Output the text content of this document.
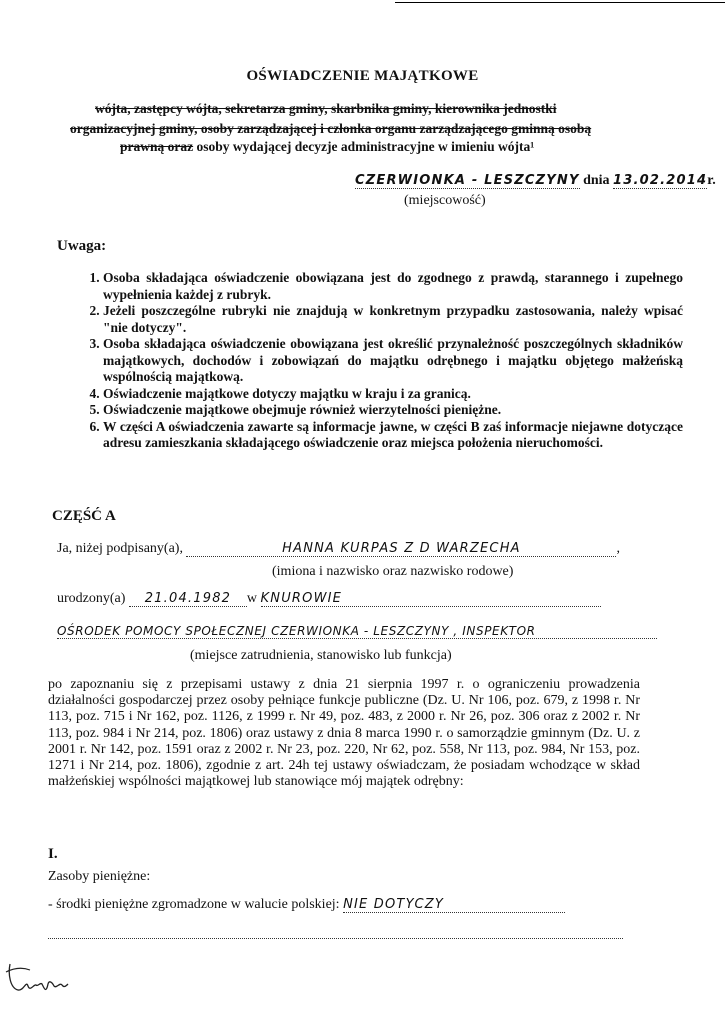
OŚWIADCZENIE MAJĄTKOWE
wójta, zastępcy wójta, sekretarza gminy, skarbnika gminy, kierownika jednostki
organizacyjnej gminy, osoby zarządzającej i członka organu zarządzającego gminną osobą
prawną oraz osoby wydającej decyzje administracyjne w imieniu wójta¹
CZERWIONKA - LESZCZYNY dnia 13.02.2014r.
(miejscowość)
Uwaga:
1. Osoba składająca oświadczenie obowiązana jest do zgodnego z prawdą, starannego i zupełnego wypełnienia każdej z rubryk.
2. Jeżeli poszczególne rubryki nie znajdują w konkretnym przypadku zastosowania, należy wpisać "nie dotyczy".
3. Osoba składająca oświadczenie obowiązana jest określić przynależność poszczególnych składników majątkowych, dochodów i zobowiązań do majątku odrębnego i majątku objętego małżeńską wspólnością majątkową.
4. Oświadczenie majątkowe dotyczy majątku w kraju i za granicą.
5. Oświadczenie majątkowe obejmuje również wierzytelności pieniężne.
6. W części A oświadczenia zawarte są informacje jawne, w części B zaś informacje niejawne dotyczące adresu zamieszkania składającego oświadczenie oraz miejsca położenia nieruchomości.
CZĘŚĆ A
Ja, niżej podpisany(a),	HANNA KURPAS Z D WARZECHA	,
(imiona i nazwisko oraz nazwisko rodowe)
urodzony(a) 21.04.1982 w KNUROWIE
OŚRODEK POMOCY SPOŁECZNEJ CZERWIONKA - LESZCZYNY , INSPEKTOR
(miejsce zatrudnienia, stanowisko lub funkcja)
po zapoznaniu się z przepisami ustawy z dnia 21 sierpnia 1997 r. o ograniczeniu prowadzenia działalności gospodarczej przez osoby pełniące funkcje publiczne (Dz. U. Nr 106, poz. 679, z 1998 r. Nr 113, poz. 715 i Nr 162, poz. 1126, z 1999 r. Nr 49, poz. 483, z 2000 r. Nr 26, poz. 306 oraz z 2002 r. Nr 113, poz. 984 i Nr 214, poz. 1806) oraz ustawy z dnia 8 marca 1990 r. o samorządzie gminnym (Dz. U. z 2001 r. Nr 142, poz. 1591 oraz z 2002 r. Nr 23, poz. 220, Nr 62, poz. 558, Nr 113, poz. 984, Nr 153, poz. 1271 i Nr 214, poz. 1806), zgodnie z art. 24h tej ustawy oświadczam, że posiadam wchodzące w skład małżeńskiej wspólności majątkowej lub stanowiące mój majątek odrębny:
I.
Zasoby pieniężne:
- środki pieniężne zgromadzone w walucie polskiej: NIE DOTYCZY
